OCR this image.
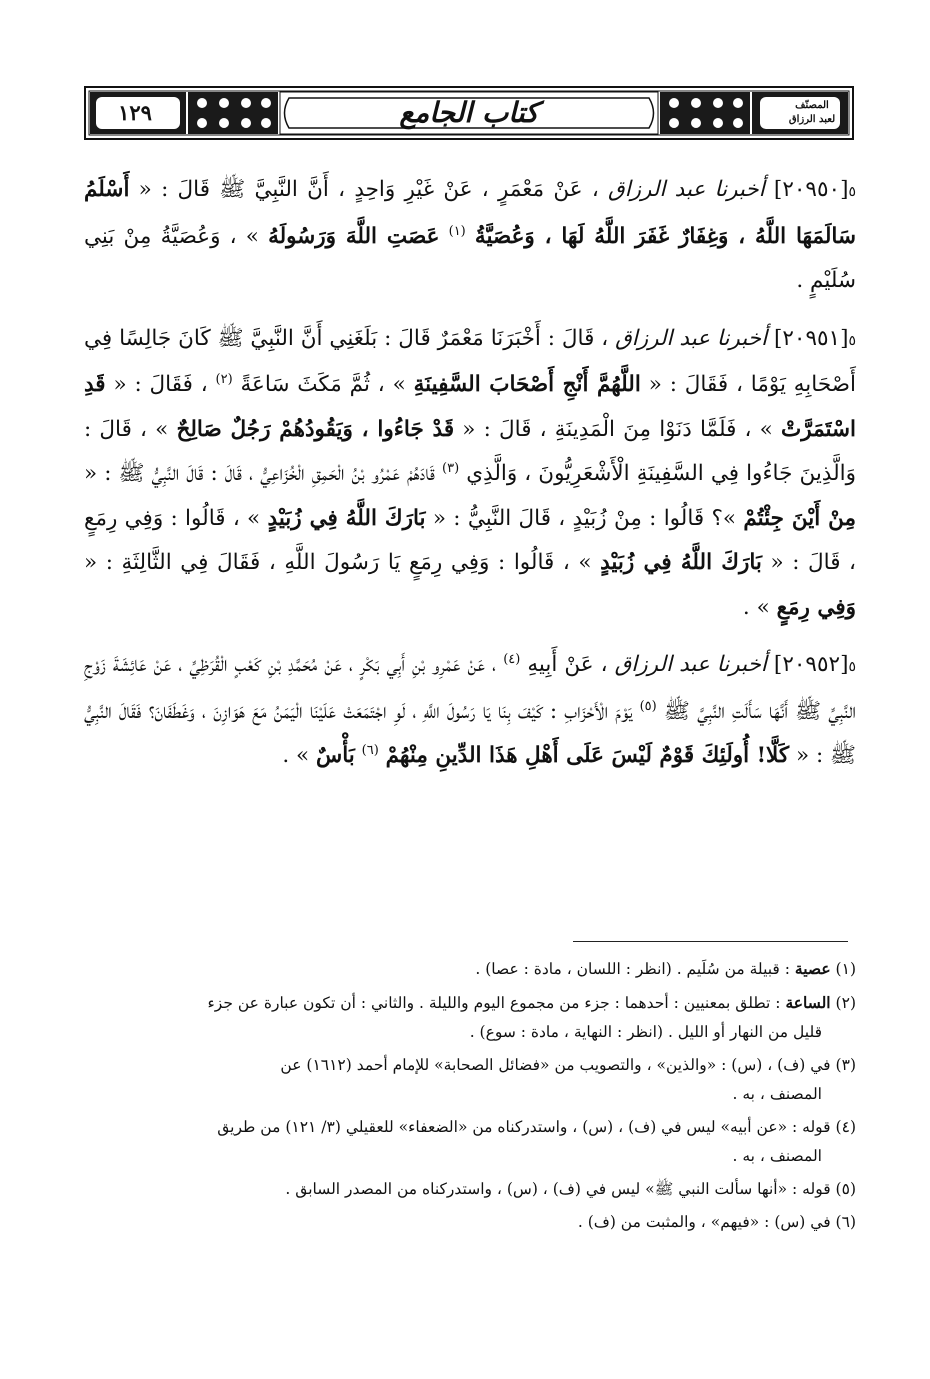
١٢٩	كتاب الجامع	المصنّف
لعبد الرزاق

٥[٢٠٩٥٠] أخبرنا عبد الرزاق ، عَنْ مَعْمَرٍ ، عَنْ غَيْرِ وَاحِدٍ ، أَنَّ النَّبِيَّ ﷺ قَالَ : « أَسْلَمُ سَالَمَهَا اللَّهُ ، وَغِفَارٌ غَفَرَ اللَّهُ لَهَا ، وَعُصَيَّةُ $^{(١)}$ عَصَتِ اللَّهَ وَرَسُولَهُ » ، وَعُصَيَّةُ مِنْ بَنِي سُلَيْمٍ .

٥[٢٠٩٥١] أخبرنا عبد الرزاق ، قَالَ : أَخْبَرَنَا مَعْمَرٌ قَالَ : بَلَغَنِي أَنَّ النَّبِيَّ ﷺ كَانَ جَالِسًا فِي أَصْحَابِهِ يَوْمًا ، فَقَالَ : « اللَّهُمَّ أَنْجِ أَصْحَابَ السَّفِينَةِ » ، ثُمَّ مَكَثَ سَاعَةً $^{(٢)}$ ، فَقَالَ : « قَدِ اسْتَمَرَّتْ » ، فَلَمَّا دَنَوْا مِنَ الْمَدِينَةِ ، قَالَ : « قَدْ جَاءُوا ، وَيَقُودُهُمْ رَجُلٌ صَالِحٌ » ، قَالَ : وَالَّذِينَ جَاءُوا فِي السَّفِينَةِ الْأَشْعَرِيُّونَ ، وَالَّذِي $^{(٣)}$ قَادَهُمْ عَمْرُو بْنُ الْحَمِقِ الْخُزَاعِيُّ ، قَالَ : قَالَ النَّبِيُّ ﷺ : « مِنْ أَيْنَ جِئْتُمْ »؟ قَالُوا : مِنْ زُبَيْدٍ ، قَالَ النَّبِيُّ : « بَارَكَ اللَّهُ فِي زُبَيْدٍ » ، قَالُوا : وَفِي رِمَعٍ ، قَالَ : « بَارَكَ اللَّهُ فِي زُبَيْدٍ » ، قَالُوا : وَفِي رِمَعٍ يَا رَسُولَ اللَّهِ ، فَقَالَ فِي الثَّالِثَةِ : « وَفِي رِمَعٍ » .

٥[٢٠٩٥٢] أخبرنا عبد الرزاق ، عَنْ أَبِيهِ $^{(٤)}$ ، عَنْ عَمْرِو بْنِ أَبِي بَكْرٍ ، عَنْ مُحَمَّدِ بْنِ كَعْبٍ الْقُرَظِيِّ ، عَنْ عَائِشَةَ زَوْجِ النَّبِيِّ ﷺ أَنَّهَا سَأَلَتِ النَّبِيَّ ﷺ $^{(٥)}$ يَوْمَ الْأَحْزَابِ : كَيْفَ بِنَا يَا رَسُولَ اللَّهِ ، لَوِ اجْتَمَعَتْ عَلَيْنَا الْيَمَنُ مَعَ هَوَازِنَ ، وَغَطَفَانَ؟ فَقَالَ النَّبِيُّ ﷺ : « كَلَّا! أُولَئِكَ قَوْمٌ لَيْسَ عَلَى أَهْلِ هَذَا الدِّينِ مِنْهُمْ $^{(٦)}$ بَأْسٌ » .

(١) عصية : قبيلة من سُلَيم . (انظر : اللسان ، مادة : عصا) .
(٢) الساعة : تطلق بمعنيين : أحدهما : جزء من مجموع اليوم والليلة . والثاني : أن تكون عبارة عن جزء
قليل من النهار أو الليل . (انظر : النهاية ، مادة : سوع) .
(٣) في (ف) ، (س) : «والذين» ، والتصويب من «فضائل الصحابة» للإمام أحمد (١٦١٢) عن
المصنف ، به .
(٤) قوله : «عن أبيه» ليس في (ف) ، (س) ، واستدركناه من «الضعفاء» للعقيلي (٣/ ١٢١) من طريق
المصنف ، به .
(٥) قوله : «أنها سألت النبي ﷺ» ليس في (ف) ، (س) ، واستدركناه من المصدر السابق .
(٦) في (س) : «فيهم» ، والمثبت من (ف) .
